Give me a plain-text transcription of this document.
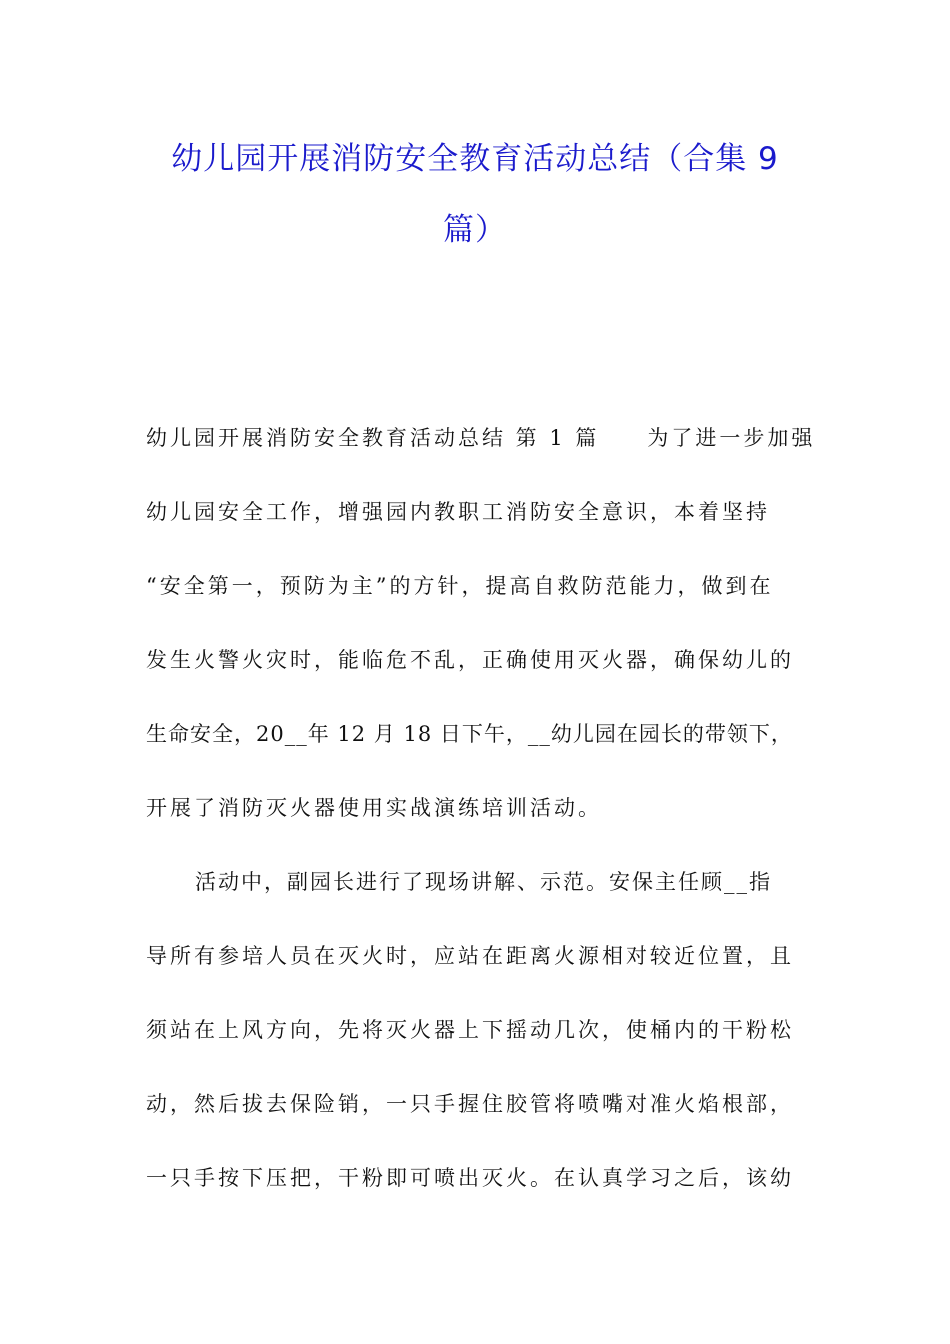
幼儿园开展消防安全教育活动总结（合集 9
篇）
幼儿园开展消防安全教育活动总结 第 1 篇　　为了进一步加强
幼儿园安全工作，增强园内教职工消防安全意识，本着坚持
“安全第一，预防为主”的方针，提高自救防范能力，做到在
发生火警火灾时，能临危不乱，正确使用灭火器，确保幼儿的
生命安全，20__年 12 月 18 日下午，__幼儿园在园长的带领下，
开展了消防灭火器使用实战演练培训活动。
活动中，副园长进行了现场讲解、示范。安保主任顾__指
导所有参培人员在灭火时，应站在距离火源相对较近位置，且
须站在上风方向，先将灭火器上下摇动几次，使桶内的干粉松
动，然后拔去保险销，一只手握住胶管将喷嘴对准火焰根部，
一只手按下压把，干粉即可喷出灭火。在认真学习之后，该幼
